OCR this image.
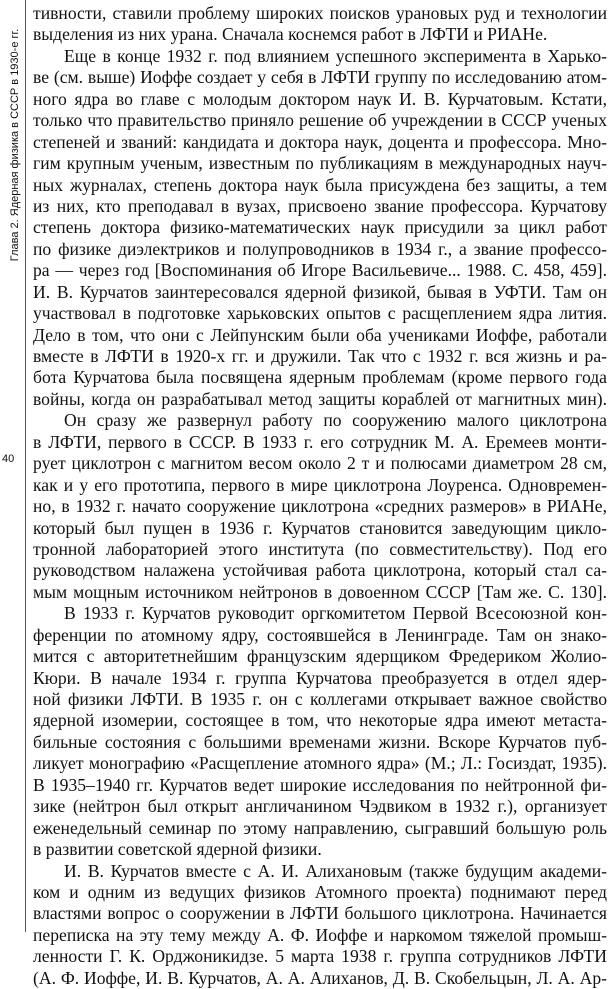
Глава 2. Ядерная физика в СССР в 1930-е гг.
40
тивности, ставили проблему широких поисков урановых руд и технологии
выделения из них урана. Сначала коснемся работ в ЛФТИ и РИАНе.
Еще в конце 1932 г. под влиянием успешного эксперимента в Харько-
ве (см. выше) Иоффе создает у себя в ЛФТИ группу по исследованию атом-
ного ядра во главе с молодым доктором наук И. В. Курчатовым. Кстати,
только что правительство приняло решение об учреждении в СССР ученых
степеней и званий: кандидата и доктора наук, доцента и профессора. Мно-
гим крупным ученым, известным по публикациям в международных науч-
ных журналах, степень доктора наук была присуждена без защиты, а тем
из них, кто преподавал в вузах, присвоено звание профессора. Курчатову
степень доктора физико-математических наук присудили за цикл работ
по физике диэлектриков и полупроводников в 1934 г., а звание профессо-
ра — через год [Воспоминания об Игоре Васильевиче... 1988. С. 458, 459].
И. В. Курчатов заинтересовался ядерной физикой, бывая в УФТИ. Там он
участвовал в подготовке харьковских опытов с расщеплением ядра лития.
Дело в том, что они с Лейпунским были оба учениками Иоффе, работали
вместе в ЛФТИ в 1920-х гг. и дружили. Так что с 1932 г. вся жизнь и ра-
бота Курчатова была посвящена ядерным проблемам (кроме первого года
войны, когда он разрабатывал метод защиты кораблей от магнитных мин).
Он сразу же развернул работу по сооружению малого циклотрона
в ЛФТИ, первого в СССР. В 1933 г. его сотрудник М. А. Еремеев монти-
рует циклотрон с магнитом весом около 2 т и полюсами диаметром 28 см,
как и у его прототипа, первого в мире циклотрона Лоуренса. Одновремен-
но, в 1932 г. начато сооружение циклотрона «средних размеров» в РИАНе,
который был пущен в 1936 г. Курчатов становится заведующим цикло-
тронной лабораторией этого института (по совместительству). Под его
руководством налажена устойчивая работа циклотрона, который стал са-
мым мощным источником нейтронов в довоенном СССР [Там же. С. 130].
В 1933 г. Курчатов руководит оргкомитетом Первой Всесоюзной кон-
ференции по атомному ядру, состоявшейся в Ленинграде. Там он знако-
мится с авторитетнейшим французским ядерщиком Фредериком Жолио-
Кюри. В начале 1934 г. группа Курчатова преобразуется в отдел ядер-
ной физики ЛФТИ. В 1935 г. он с коллегами открывает важное свойство
ядерной изомерии, состоящее в том, что некоторые ядра имеют метаста-
бильные состояния с большими временами жизни. Вскоре Курчатов пуб-
ликует монографию «Расщепление атомного ядра» (М.; Л.: Госиздат, 1935).
В 1935–1940 гг. Курчатов ведет широкие исследования по нейтронной фи-
зике (нейтрон был открыт англичанином Чэдвиком в 1932 г.), организует
еженедельный семинар по этому направлению, сыгравший большую роль
в развитии советской ядерной физики.
И. В. Курчатов вместе с А. И. Алихановым (также будущим академи-
ком и одним из ведущих физиков Атомного проекта) поднимают перед
властями вопрос о сооружении в ЛФТИ большого циклотрона. Начинается
переписка на эту тему между А. Ф. Иоффе и наркомом тяжелой промыш-
ленности Г. К. Орджоникидзе. 5 марта 1938 г. группа сотрудников ЛФТИ
(А. Ф. Иоффе, И. В. Курчатов, А. А. Алиханов, Д. В. Скобельцын, Л. А. Ар-
